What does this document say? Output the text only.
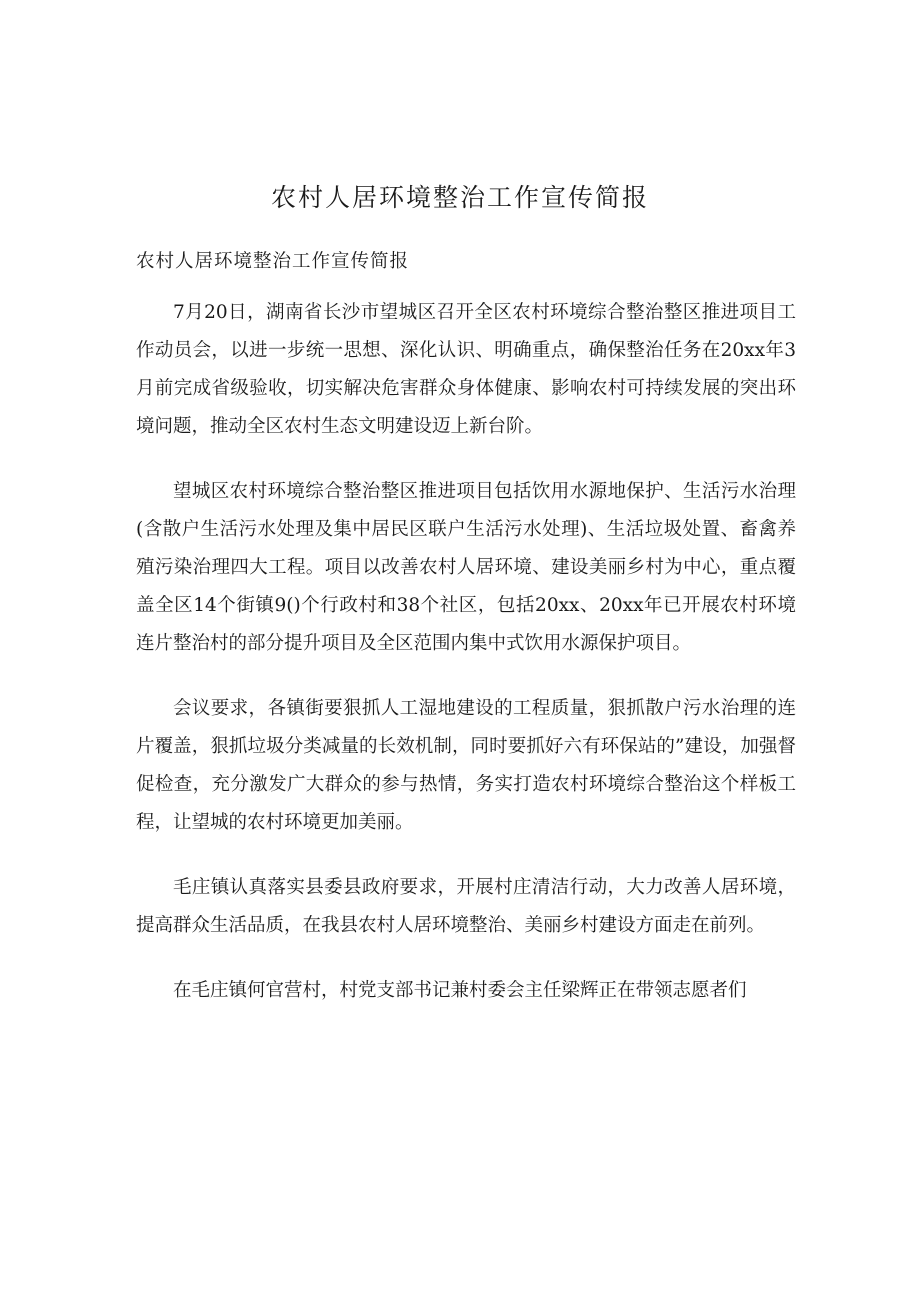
农村人居环境整治工作宣传简报

农村人居环境整治工作宣传简报

7月20日，湖南省长沙市望城区召开全区农村环境综合整治整区推进项目工作动员会，以进一步统一思想、深化认识、明确重点，确保整治任务在20xx年3月前完成省级验收，切实解决危害群众身体健康、影响农村可持续发展的突出环境问题，推动全区农村生态文明建设迈上新台阶。

望城区农村环境综合整治整区推进项目包括饮用水源地保护、生活污水治理(含散户生活污水处理及集中居民区联户生活污水处理)、生活垃圾处置、畜禽养殖污染治理四大工程。项目以改善农村人居环境、建设美丽乡村为中心，重点覆盖全区14个街镇9()个行政村和38个社区，包括20xx、20xx年已开展农村环境连片整治村的部分提升项目及全区范围内集中式饮用水源保护项目。

会议要求，各镇街要狠抓人工湿地建设的工程质量，狠抓散户污水治理的连片覆盖，狠抓垃圾分类减量的长效机制，同时要抓好六有环保站的”建设，加强督促检查，充分激发广大群众的参与热情，务实打造农村环境综合整治这个样板工程，让望城的农村环境更加美丽。

毛庄镇认真落实县委县政府要求，开展村庄清洁行动，大力改善人居环境，提高群众生活品质，在我县农村人居环境整治、美丽乡村建设方面走在前列。

在毛庄镇何官营村，村党支部书记兼村委会主任梁辉正在带领志愿者们
